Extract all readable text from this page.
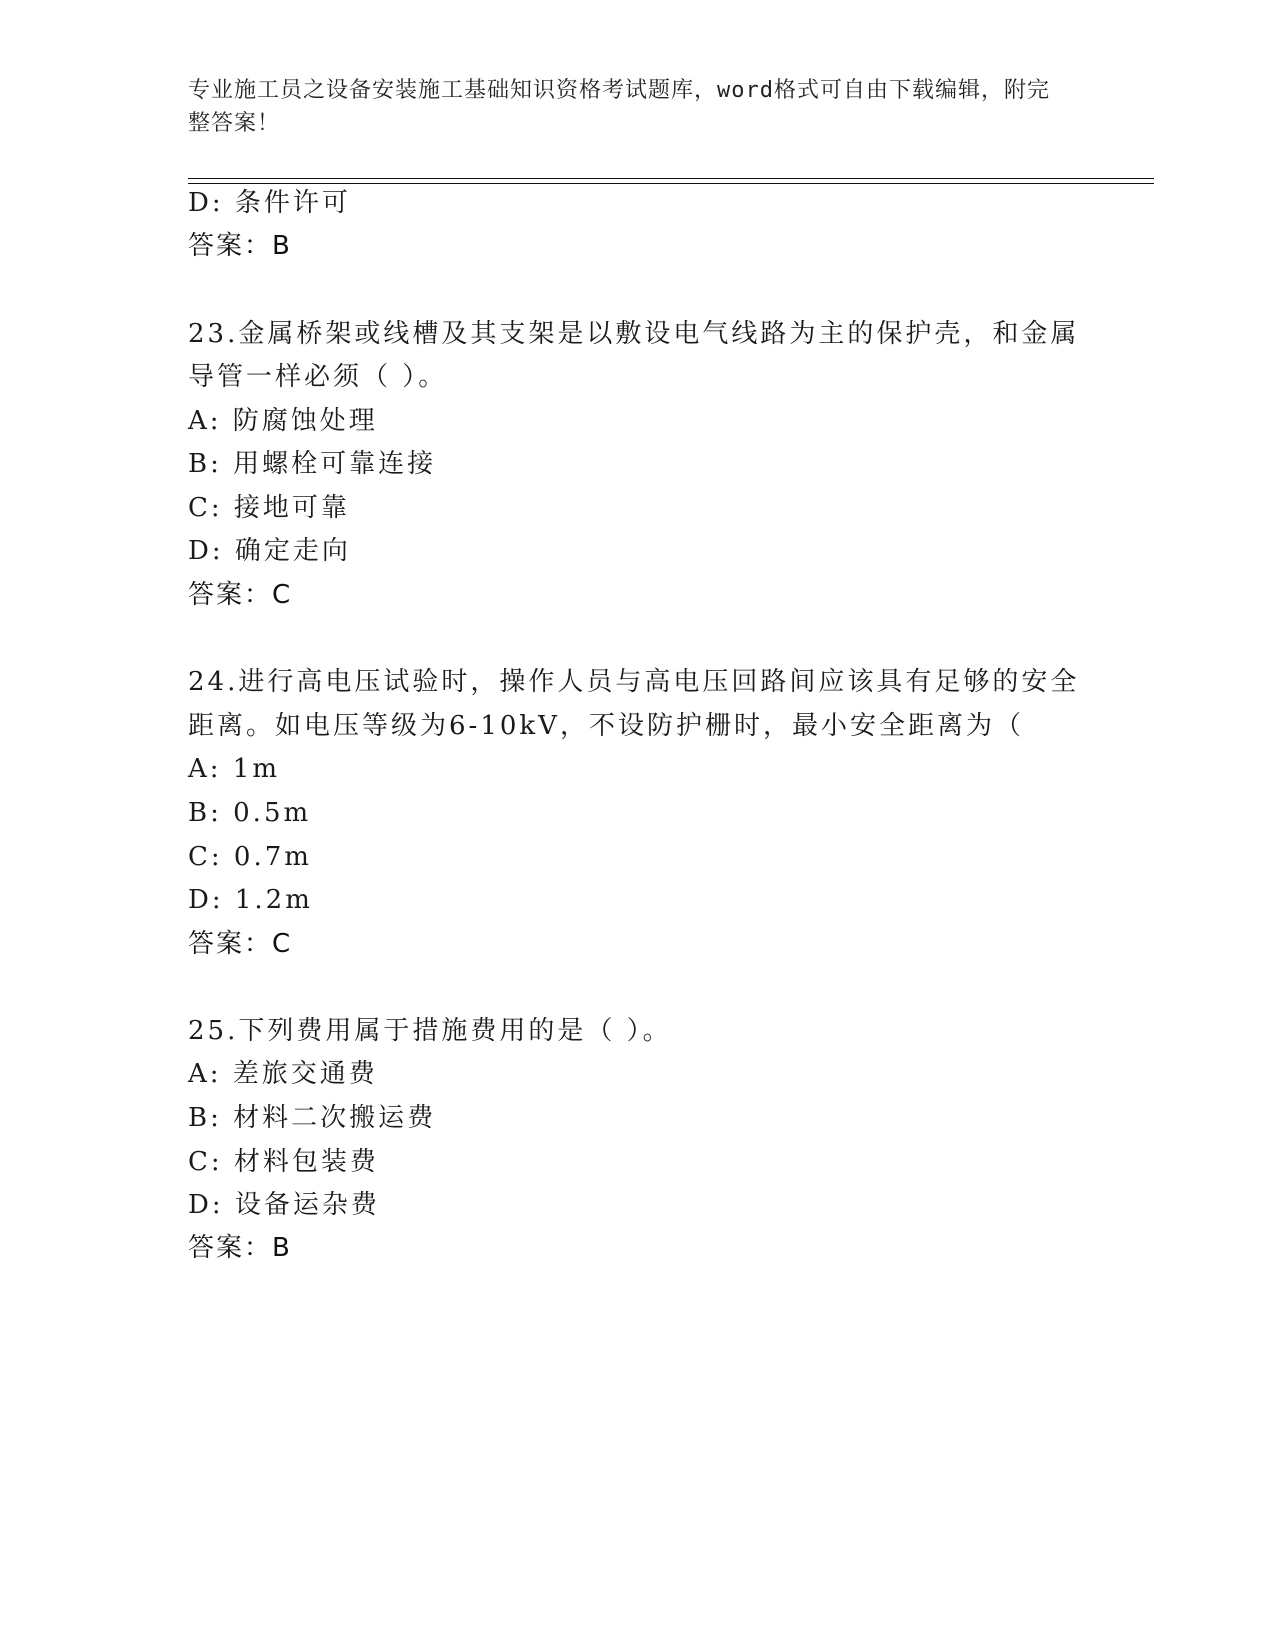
专业施工员之设备安装施工基础知识资格考试题库，word格式可自由下载编辑，附完整答案！
D: 条件许可
答案：B
23.金属桥架或线槽及其支架是以敷设电气线路为主的保护壳，和金属
导管一样必须（ ）。
A: 防腐蚀处理
B: 用螺栓可靠连接
C: 接地可靠
D: 确定走向
答案：C
24.进行高电压试验时，操作人员与高电压回路间应该具有足够的安全
距离。如电压等级为6-10kV，不设防护栅时，最小安全距离为（
A: 1m
B: 0.5m
C: 0.7m
D: 1.2m
答案：C
25.下列费用属于措施费用的是（ ）。
A: 差旅交通费
B: 材料二次搬运费
C: 材料包装费
D: 设备运杂费
答案：B
